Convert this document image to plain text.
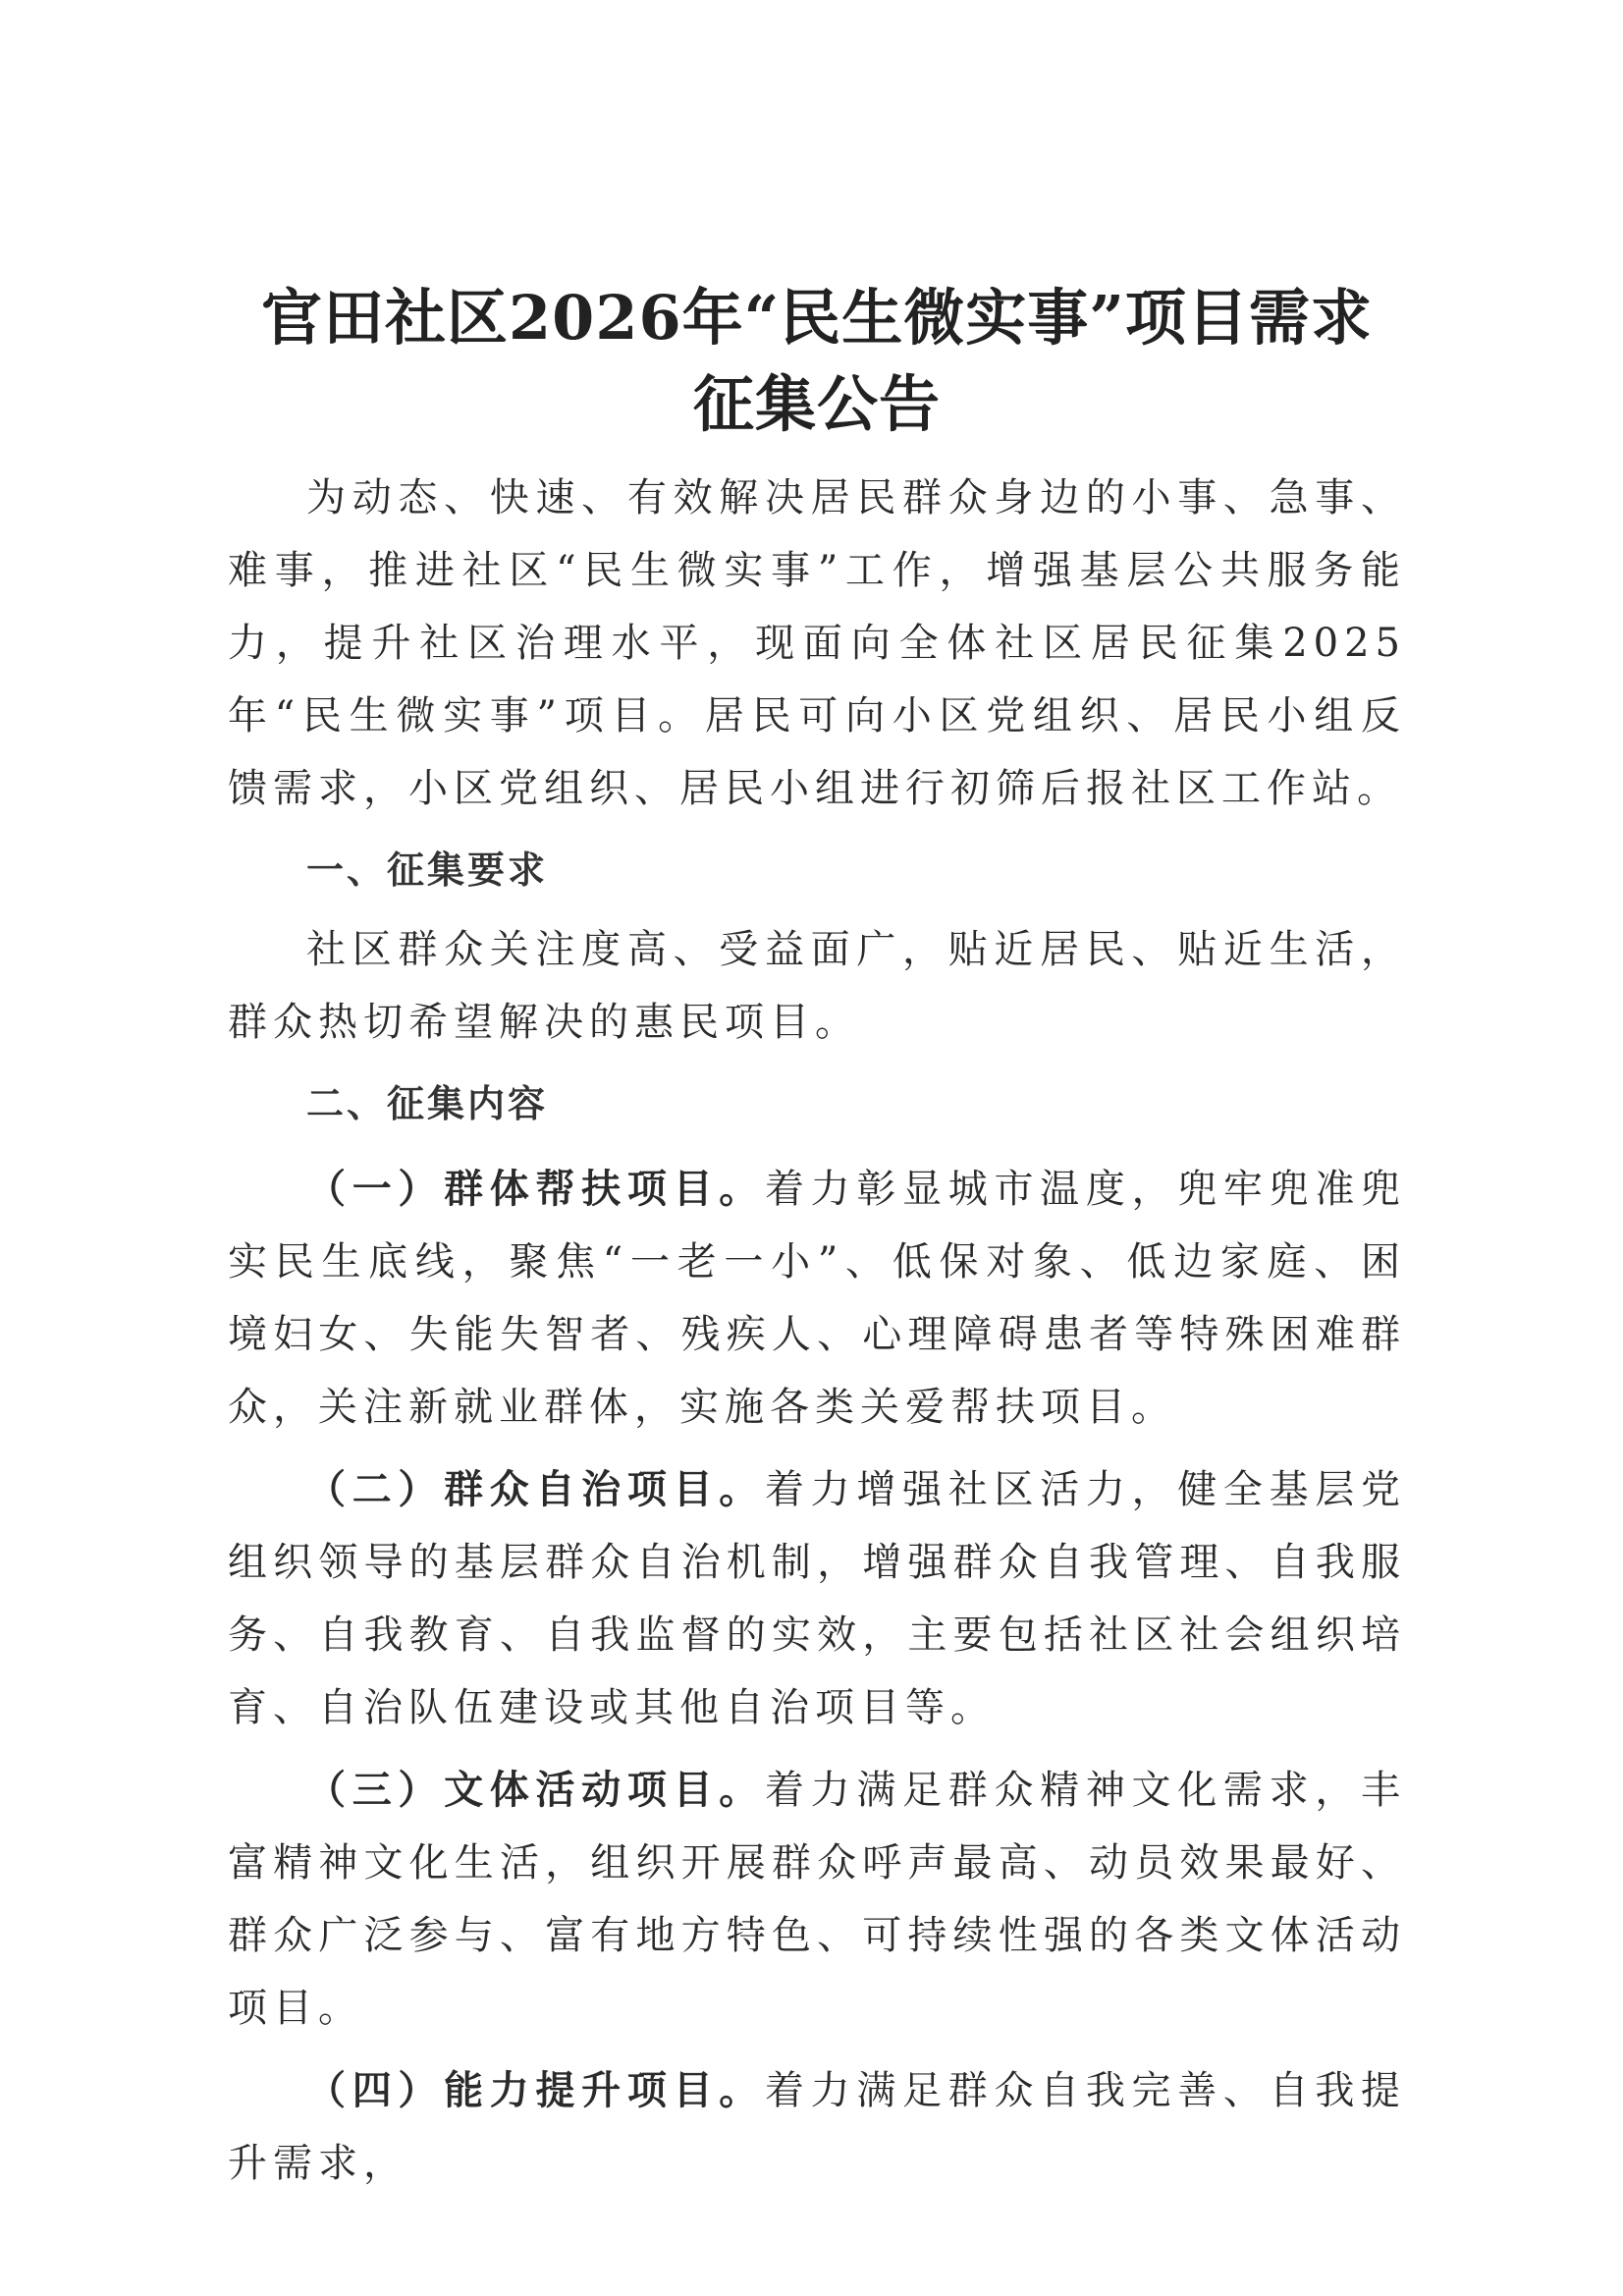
官田社区2026年“民生微实事”项目需求
征集公告

为动态、快速、有效解决居民群众身边的小事、急事、难事，推进社区“民生微实事”工作，增强基层公共服务能力，提升社区治理水平，现面向全体社区居民征集2025年“民生微实事”项目。居民可向小区党组织、居民小组反馈需求，小区党组织、居民小组进行初筛后报社区工作站。

一、征集要求

社区群众关注度高、受益面广，贴近居民、贴近生活，群众热切希望解决的惠民项目。

二、征集内容

（一）群体帮扶项目。着力彰显城市温度，兜牢兜准兜实民生底线，聚焦“一老一小”、低保对象、低边家庭、困境妇女、失能失智者、残疾人、心理障碍患者等特殊困难群众，关注新就业群体，实施各类关爱帮扶项目。

（二）群众自治项目。着力增强社区活力，健全基层党组织领导的基层群众自治机制，增强群众自我管理、自我服务、自我教育、自我监督的实效，主要包括社区社会组织培育、自治队伍建设或其他自治项目等。

（三）文体活动项目。着力满足群众精神文化需求，丰富精神文化生活，组织开展群众呼声最高、动员效果最好、群众广泛参与、富有地方特色、可持续性强的各类文体活动项目。

（四）能力提升项目。着力满足群众自我完善、自我提升需求，
